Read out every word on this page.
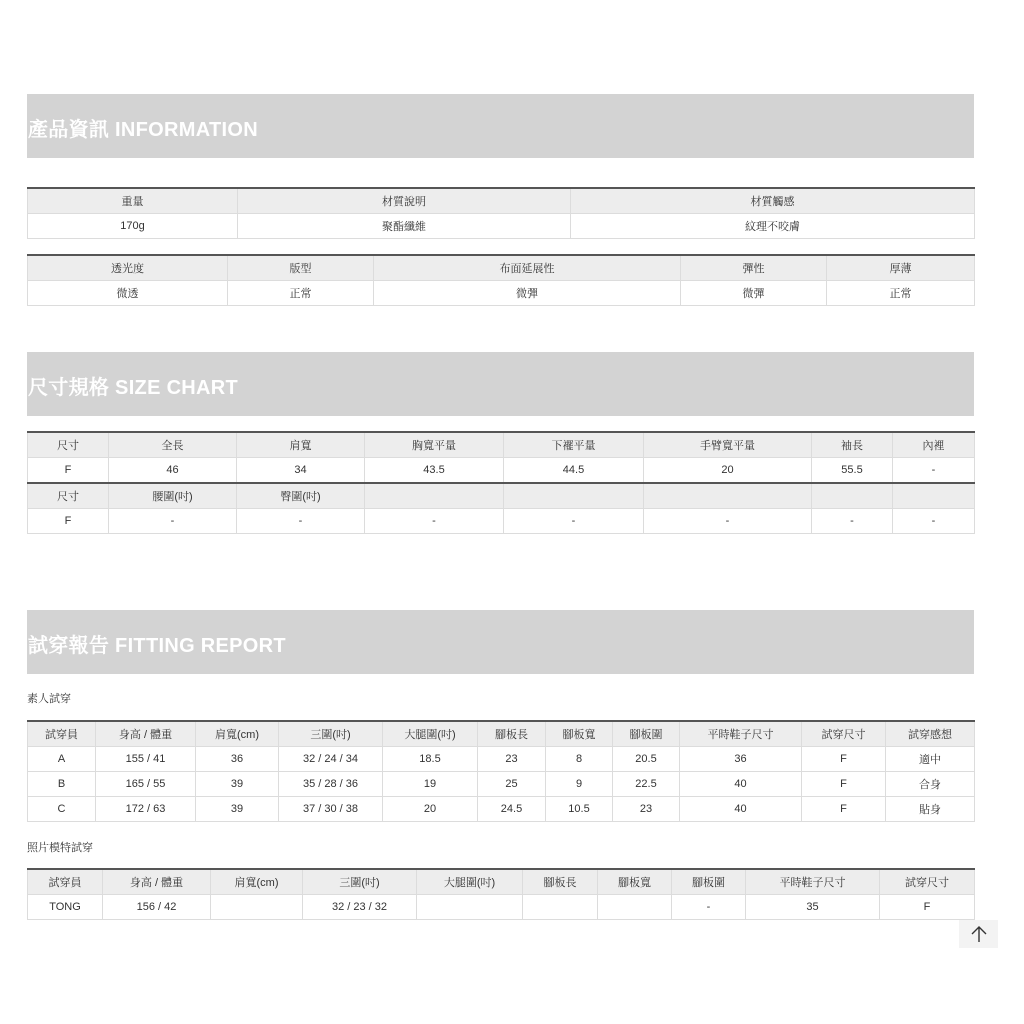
產品資訊 INFORMATION
重量	材質說明	材質觸感
170g	聚酯纖維	紋理不咬膚
透光度	版型	布面延展性	彈性	厚薄
微透	正常	微彈	微彈	正常
尺寸規格 SIZE CHART
尺寸	全長	肩寬	胸寬平量	下襬平量	手臂寬平量	袖長	內裡
F	46	34	43.5	44.5	20	55.5	-
尺寸	腰圍(吋)	臀圍(吋)					
F	-	-	-	-	-	-	-
試穿報告 FITTING REPORT
素人試穿
試穿員	身高 / 體重	肩寬(cm)	三圍(吋)	大腿圍(吋)	腳板長	腳板寬	腳板圍	平時鞋子尺寸	試穿尺寸	試穿感想
A	155 / 41	36	32 / 24 / 34	18.5	23	8	20.5	36	F	適中
B	165 / 55	39	35 / 28 / 36	19	25	9	22.5	40	F	合身
C	172 / 63	39	37 / 30 / 38	20	24.5	10.5	23	40	F	貼身
照片模特試穿
試穿員	身高 / 體重	肩寬(cm)	三圍(吋)	大腿圍(吋)	腳板長	腳板寬	腳板圍	平時鞋子尺寸	試穿尺寸
TONG	156 / 42		32 / 23 / 32				-	35	F
